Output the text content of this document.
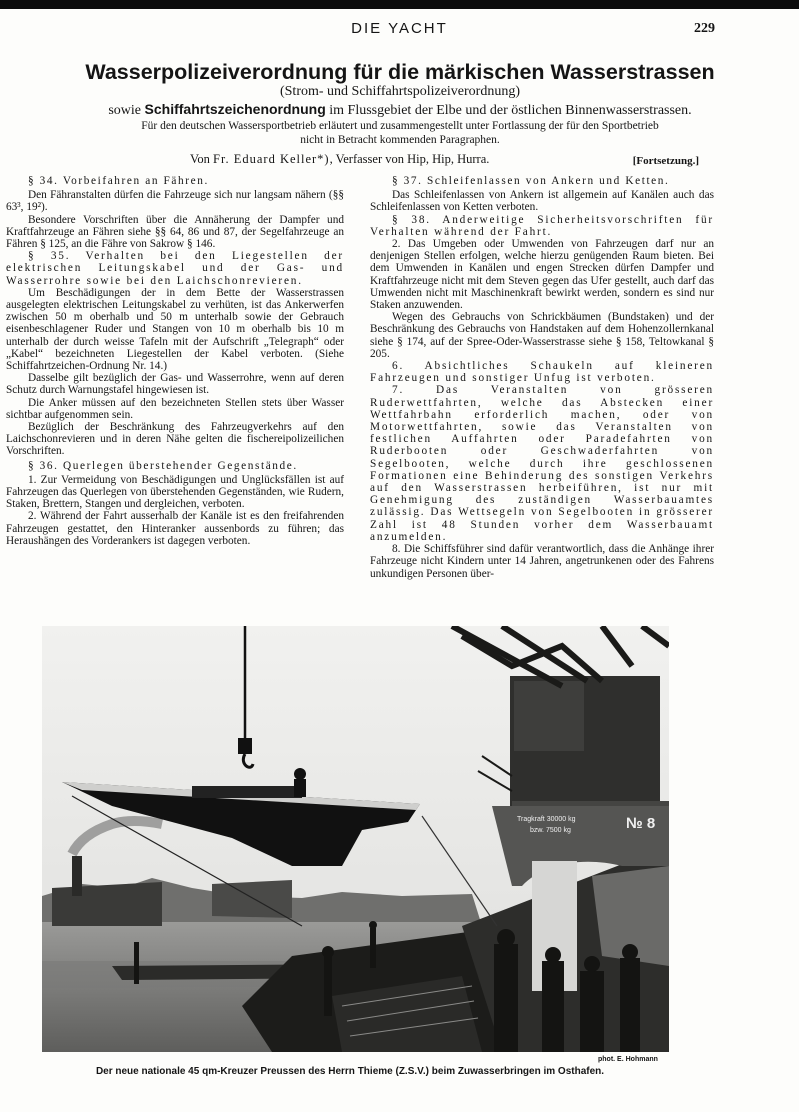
DIE YACHT	229
Wasserpolizeiverordnung für die märkischen Wasserstrassen
(Strom- und Schiffahrtspolizeiverordnung)
sowie Schiffahrtszeichenordnung im Flussgebiet der Elbe und der östlichen Binnenwasserstrassen.
Für den deutschen Wassersportbetrieb erläutert und zusammengestellt unter Fortlassung der für den Sportbetrieb
nicht in Betracht kommenden Paragraphen.
Von Fr. Eduard Keller*), Verfasser von Hip, Hip, Hurra.	[Fortsetzung.]

§ 34. Vorbeifahren an Fähren.

Den Fähranstalten dürfen die Fahrzeuge sich nur langsam nähern (§§ 63³, 19²).

Besondere Vorschriften über die Annäherung der Dampfer und Kraftfahrzeuge an Fähren siehe §§ 64, 86 und 87, der Segelfahrzeuge an Fähren § 125, an die Fähre von Sakrow § 146.

§ 35. Verhalten bei den Liegestellen der elektrischen Leitungskabel und der Gas- und Wasserrohre sowie bei den Laichschonrevieren.

Um Beschädigungen der in dem Bette der Wasserstrassen ausgelegten elektrischen Leitungskabel zu verhüten, ist das Ankerwerfen zwischen 50 m oberhalb und 50 m unterhalb sowie der Gebrauch eisenbeschlagener Ruder und Stangen von 10 m oberhalb bis 10 m unterhalb der durch weisse Tafeln mit der Aufschrift „Telegraph“ oder „Kabel“ bezeichneten Liegestellen der Kabel verboten. (Siehe Schiffahrtzeichen-Ordnung Nr. 14.)

Dasselbe gilt bezüglich der Gas- und Wasserrohre, wenn auf deren Schutz durch Warnungstafel hingewiesen ist.

Die Anker müssen auf den bezeichneten Stellen stets über Wasser sichtbar aufgenommen sein.

Bezüglich der Beschränkung des Fahrzeugverkehrs auf den Laichschonrevieren und in deren Nähe gelten die fischereipolizeilichen Vorschriften.

§ 36. Querlegen überstehender Gegenstände.

1. Zur Vermeidung von Beschädigungen und Unglücksfällen ist auf Fahrzeugen das Querlegen von überstehenden Gegenständen, wie Rudern, Staken, Brettern, Stangen und dergleichen, verboten.

2. Während der Fahrt ausserhalb der Kanäle ist es den freifahrenden Fahrzeugen gestattet, den Hinteranker aussenbords zu führen; das Heraushängen des Vorderankers ist dagegen verboten.

§ 37. Schleifenlassen von Ankern und Ketten.

Das Schleifenlassen von Ankern ist allgemein auf Kanälen auch das Schleifenlassen von Ketten verboten.

§ 38. Anderweitige Sicherheitsvorschriften für Verhalten während der Fahrt.

2. Das Umgeben oder Umwenden von Fahrzeugen darf nur an denjenigen Stellen erfolgen, welche hierzu genügenden Raum bieten. Bei dem Umwenden in Kanälen und engen Strecken dürfen Dampfer und Kraftfahrzeuge nicht mit dem Steven gegen das Ufer gestellt, auch darf das Umwenden nicht mit Maschinenkraft bewirkt werden, sondern es sind nur Staken anzuwenden.

Wegen des Gebrauchs von Schrickbäumen (Bundstaken) und der Beschränkung des Gebrauchs von Handstaken auf dem Hohenzollernkanal siehe § 174, auf der Spree-Oder-Wasserstrasse siehe § 158, Teltowkanal § 205.

6. Absichtliches Schaukeln auf kleineren Fahrzeugen und sonstiger Unfug ist verboten.

7. Das Veranstalten von grösseren Ruderwettfahrten, welche das Abstecken einer Wettfahrbahn erforderlich machen, oder von Motorwettfahrten, sowie das Veranstalten von festlichen Auffahrten oder Paradefahrten von Ruderbooten oder Geschwaderfahrten von Segelbooten, welche durch ihre geschlossenen Formationen eine Behinderung des sonstigen Verkehrs auf den Wasserstrassen herbeiführen, ist nur mit Genehmigung des zuständigen Wasserbauamtes zulässig. Das Wettsegeln von Segelbooten in grösserer Zahl ist 48 Stunden vorher dem Wasserbauamt anzumelden.

8. Die Schiffsführer sind dafür verantwortlich, dass die Anhänge ihrer Fahrzeuge nicht Kindern unter 14 Jahren, angetrunkenen oder des Fahrens unkundigen Personen über-

Tragkraft 30000 kg
bzw. 7500 kg	№ 8
phot. E. Hohmann
Der neue nationale 45 qm-Kreuzer Preussen des Herrn Thieme (Z.S.V.) beim Zuwasserbringen im Osthafen.
